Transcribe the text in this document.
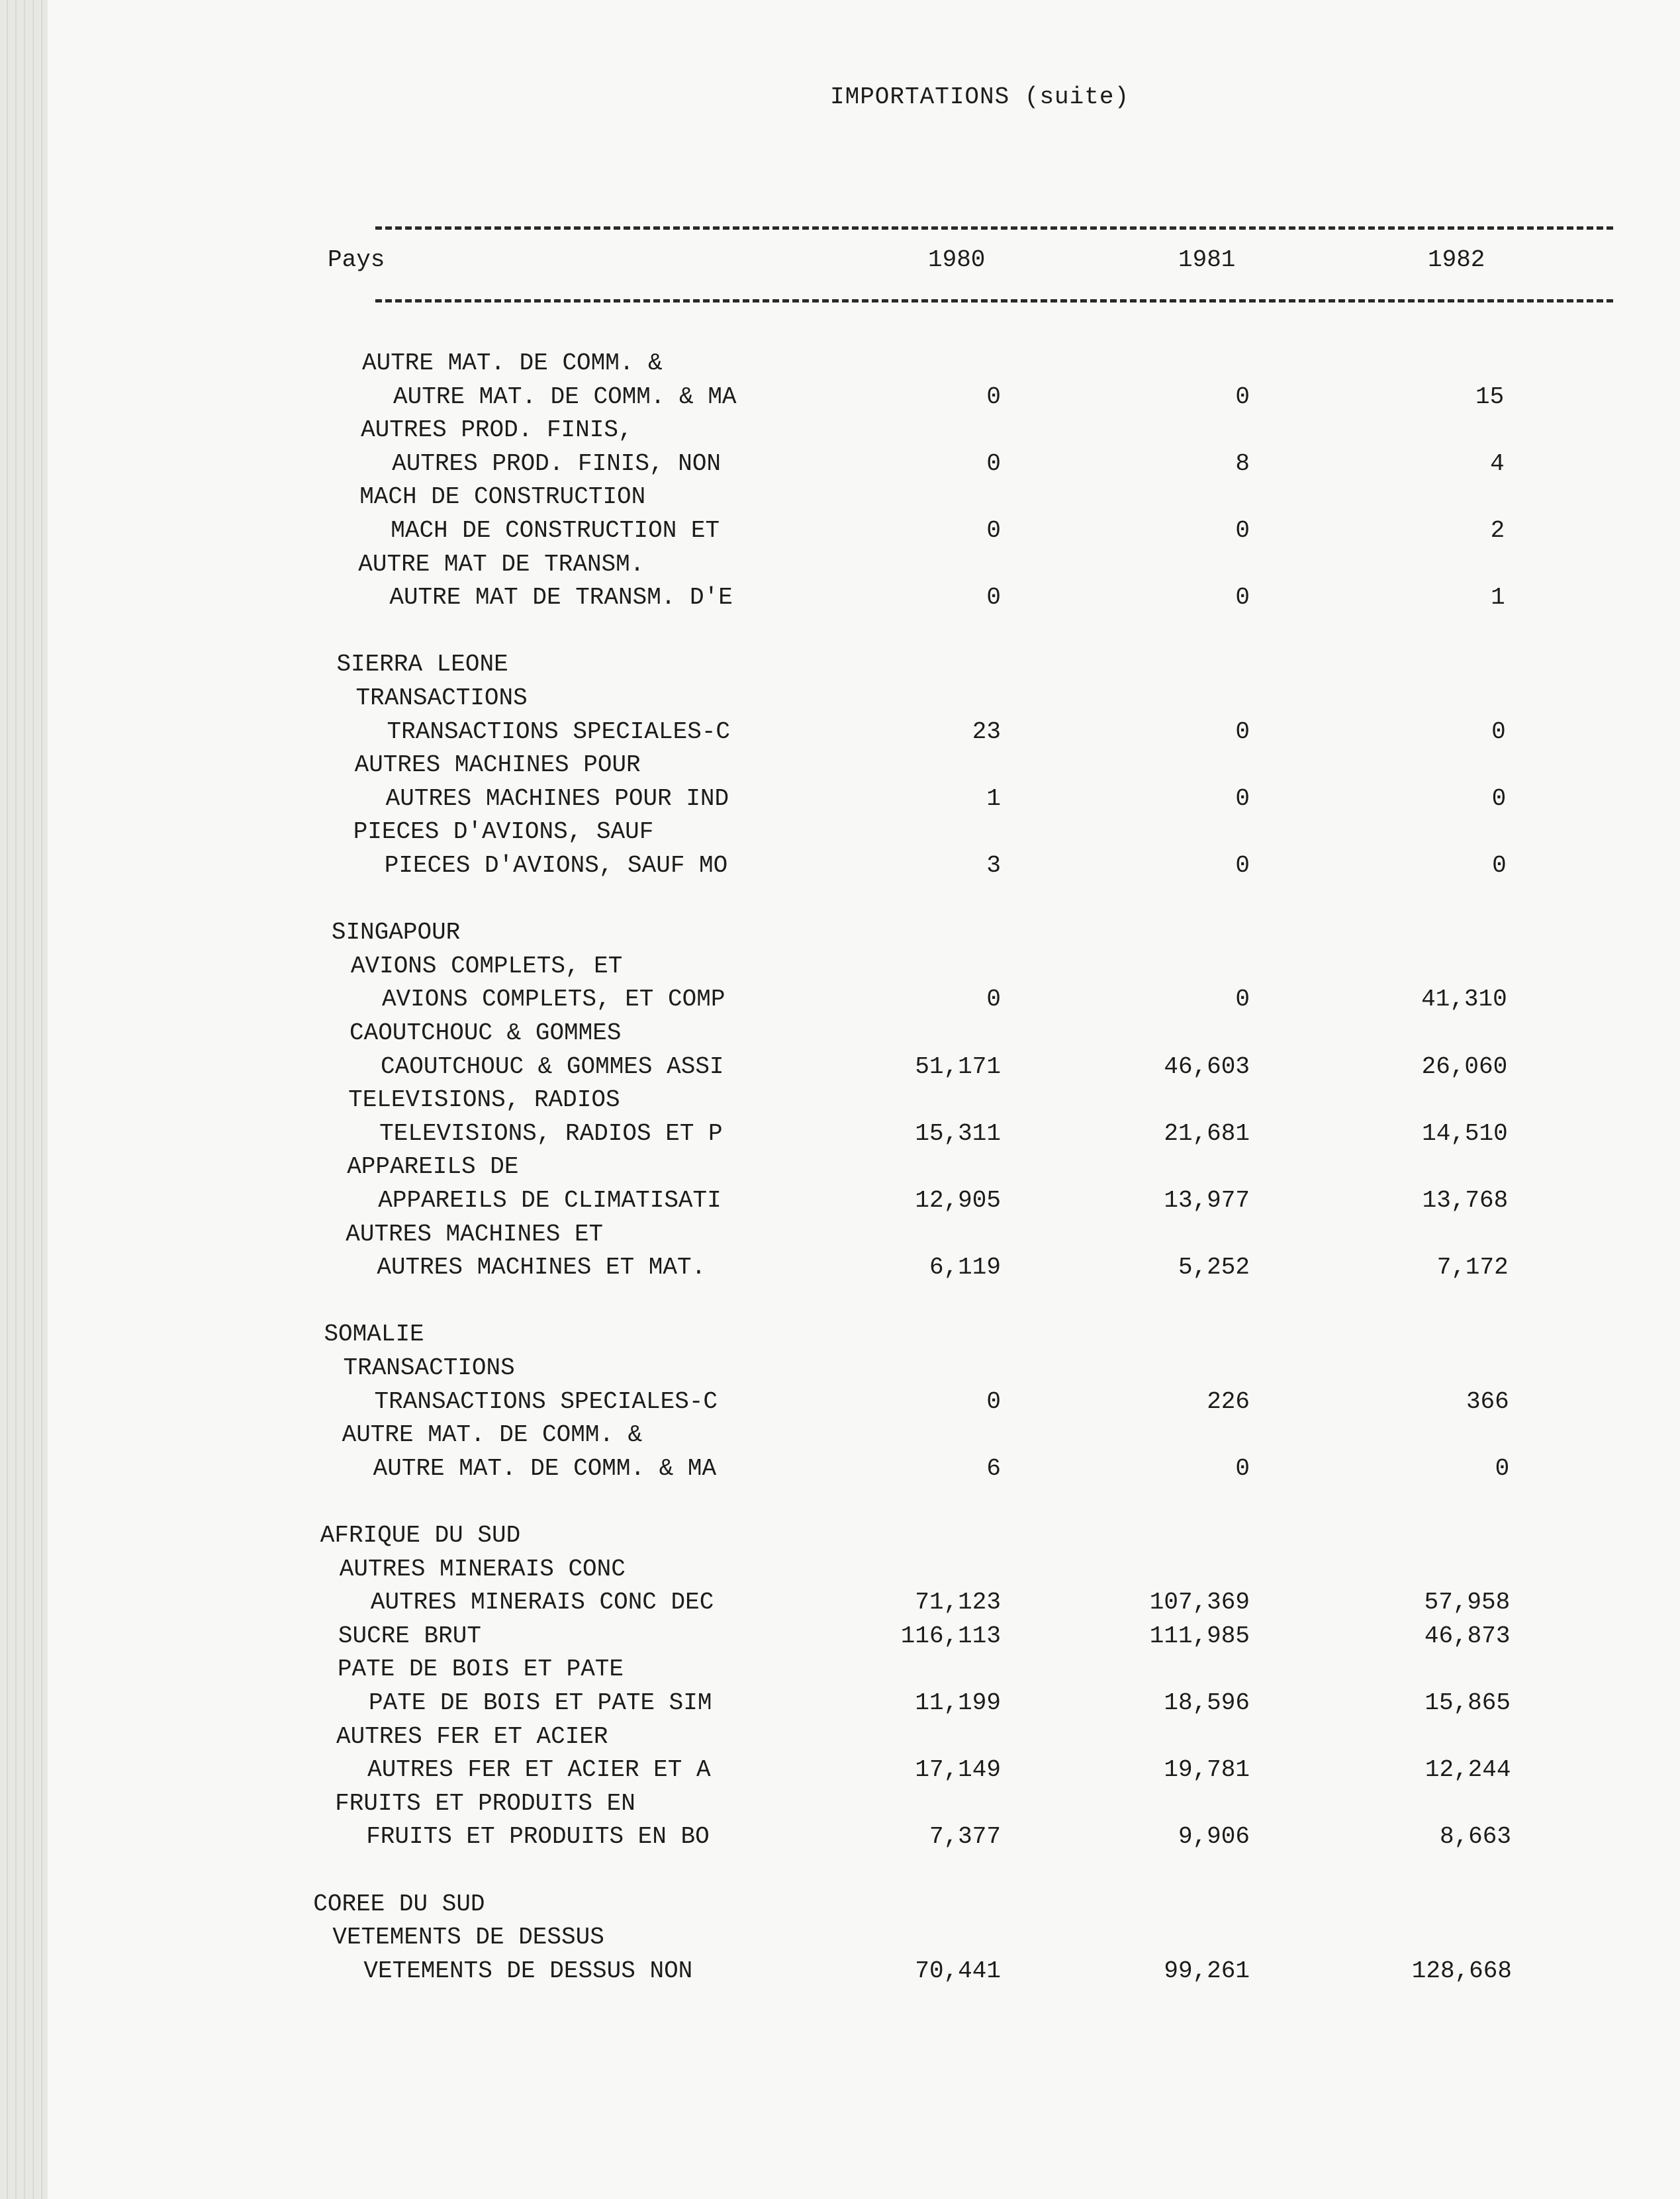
IMPORTATIONS (suite)
Pays	1980	1981	1982
AUTRE MAT. DE COMM. &
AUTRE MAT. DE COMM. & MA	0	0	15
AUTRES PROD. FINIS,
AUTRES PROD. FINIS, NON	0	8	4
MACH DE CONSTRUCTION
MACH DE CONSTRUCTION ET	0	0	2
AUTRE MAT DE TRANSM.
AUTRE MAT DE TRANSM. D'E	0	0	1
SIERRA LEONE
TRANSACTIONS
TRANSACTIONS SPECIALES-C	23	0	0
AUTRES MACHINES POUR
AUTRES MACHINES POUR IND	1	0	0
PIECES D'AVIONS, SAUF
PIECES D'AVIONS, SAUF MO	3	0	0
SINGAPOUR
AVIONS COMPLETS, ET
AVIONS COMPLETS, ET COMP	0	0	41,310
CAOUTCHOUC & GOMMES
CAOUTCHOUC & GOMMES ASSI	51,171	46,603	26,060
TELEVISIONS, RADIOS
TELEVISIONS, RADIOS ET P	15,311	21,681	14,510
APPAREILS DE
APPAREILS DE CLIMATISATI	12,905	13,977	13,768
AUTRES MACHINES ET
AUTRES MACHINES ET MAT.	6,119	5,252	7,172
SOMALIE
TRANSACTIONS
TRANSACTIONS SPECIALES-C	0	226	366
AUTRE MAT. DE COMM. &
AUTRE MAT. DE COMM. & MA	6	0	0
AFRIQUE DU SUD
AUTRES MINERAIS CONC
AUTRES MINERAIS CONC DEC	71,123	107,369	57,958
SUCRE BRUT	116,113	111,985	46,873
PATE DE BOIS ET PATE
PATE DE BOIS ET PATE SIM	11,199	18,596	15,865
AUTRES FER ET ACIER
AUTRES FER ET ACIER ET A	17,149	19,781	12,244
FRUITS ET PRODUITS EN
FRUITS ET PRODUITS EN BO	7,377	9,906	8,663
COREE DU SUD
VETEMENTS DE DESSUS
VETEMENTS DE DESSUS NON	70,441	99,261	128,668
